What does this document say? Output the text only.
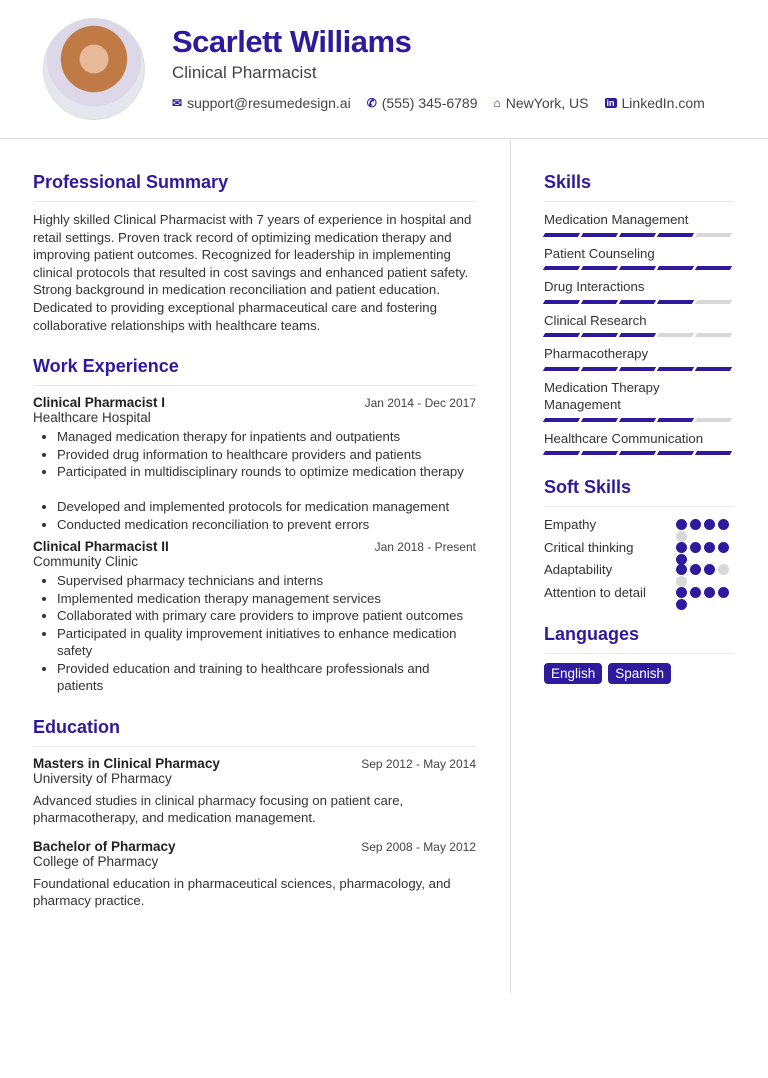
Scarlett Williams
Clinical Pharmacist
✉ support@resumedesign.ai ✆ (555) 345-6789 ⌂ NewYork, US in LinkedIn.com
Professional Summary

Highly skilled Clinical Pharmacist with 7 years of experience in hospital and retail settings. Proven track record of optimizing medication therapy and improving patient outcomes. Recognized for leadership in implementing clinical protocols that resulted in cost savings and enhanced patient safety. Strong background in medication reconciliation and patient education. Dedicated to providing exceptional pharmaceutical care and fostering collaborative relationships with healthcare teams.

Work Experience
Clinical Pharmacist I	Jan 2014 - Dec 2017
Healthcare Hospital
• Managed medication therapy for inpatients and outpatients
• Provided drug information to healthcare providers and patients
• Participated in multidisciplinary rounds to optimize medication therapy
• Developed and implemented protocols for medication management
• Conducted medication reconciliation to prevent errors
Clinical Pharmacist II	Jan 2018 - Present
Community Clinic
• Supervised pharmacy technicians and interns
• Implemented medication therapy management services
• Collaborated with primary care providers to improve patient outcomes
• Participated in quality improvement initiatives to enhance medication safety
• Provided education and training to healthcare professionals and patients
Education
Masters in Clinical Pharmacy	Sep 2012 - May 2014
University of Pharmacy

Advanced studies in clinical pharmacy focusing on patient care, pharmacotherapy, and medication management.

Bachelor of Pharmacy	Sep 2008 - May 2012
College of Pharmacy

Foundational education in pharmaceutical sciences, pharmacology, and pharmacy practice.

Skills
Medication Management
Patient Counseling
Drug Interactions
Clinical Research
Pharmacotherapy
Medication Therapy Management
Healthcare Communication
Soft Skills
Empathy
Critical thinking
Adaptability
Attention to detail
Languages
English	Spanish
